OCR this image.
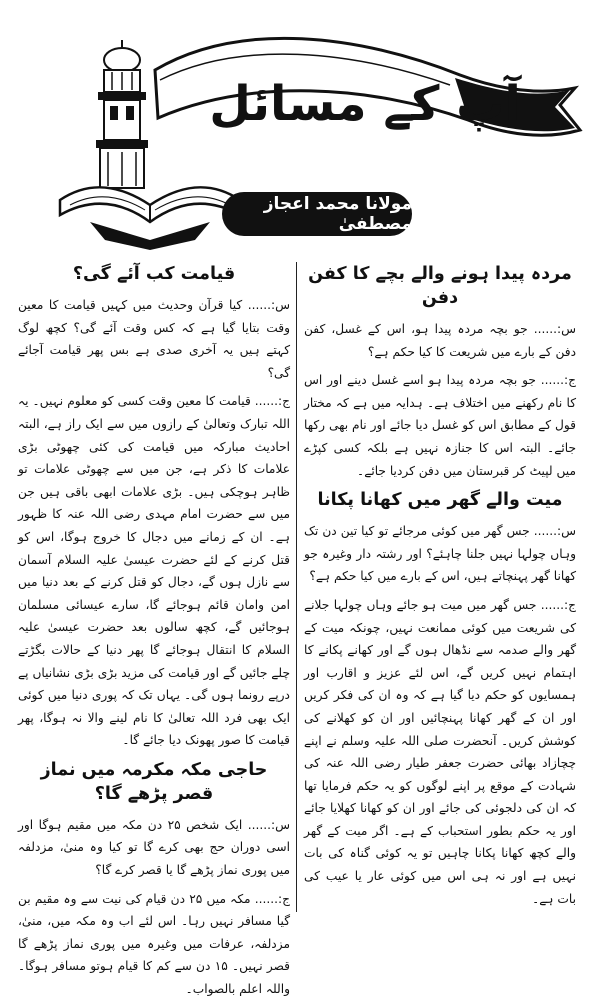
آپ کے مسائل
مولانا محمد اعجاز مصطفیٰ
مردہ پیدا ہونے والے بچے کا کفن دفن

س:...... جو بچہ مردہ پیدا ہو، اس کے غسل، کفن دفن کے بارے میں شریعت کا کیا حکم ہے؟

ج:...... جو بچہ مردہ پیدا ہو اسے غسل دینے اور اس کا نام رکھنے میں اختلاف ہے۔ ہدایہ میں ہے کہ مختار قول کے مطابق اس کو غسل دیا جائے اور نام بھی رکھا جائے۔ البتہ اس کا جنازہ نہیں ہے بلکہ کسی کپڑے میں لپیٹ کر قبرستان میں دفن کردیا جائے۔

میت والے گھر میں کھانا پکانا

س:...... جس گھر میں کوئی مرجائے تو کیا تین دن تک وہاں چولہا نہیں جلنا چاہئے؟ اور رشتہ دار وغیرہ جو کھانا گھر پہنچاتے ہیں، اس کے بارے میں کیا حکم ہے؟

ج:...... جس گھر میں میت ہو جائے وہاں چولہا جلانے کی شریعت میں کوئی ممانعت نہیں، چونکہ میت کے گھر والے صدمہ سے نڈھال ہوں گے اور کھانے پکانے کا اہتمام نہیں کریں گے، اس لئے عزیز و اقارب اور ہمسایوں کو حکم دیا گیا ہے کہ وہ ان کی فکر کریں اور ان کے گھر کھانا پہنچائیں اور ان کو کھلانے کی کوشش کریں۔ آنحضرت صلی اللہ علیہ وسلم نے اپنے چچازاد بھائی حضرت جعفر طیار رضی اللہ عنہ کی شہادت کے موقع پر اپنے لوگوں کو یہ حکم فرمایا تھا کہ ان کی دلجوئی کی جائے اور ان کو کھانا کھلایا جائے اور یہ حکم بطور استحباب کے ہے۔ اگر میت کے گھر والے کچھ کھانا پکانا چاہیں تو یہ کوئی گناہ کی بات نہیں ہے اور نہ ہی اس میں کوئی عار یا عیب کی بات ہے۔

قیامت کب آئے گی؟

س:...... کیا قرآن وحدیث میں کہیں قیامت کا معین وقت بتایا گیا ہے کہ کس وقت آئے گی؟ کچھ لوگ کہتے ہیں یہ آخری صدی ہے بس پھر قیامت آجائے گی؟

ج:...... قیامت کا معین وقت کسی کو معلوم نہیں۔ یہ اللہ تبارک وتعالیٰ کے رازوں میں سے ایک راز ہے، البتہ احادیث مبارکہ میں قیامت کی کئی چھوٹی بڑی علامات کا ذکر ہے، جن میں سے چھوٹی علامات تو ظاہر ہوچکی ہیں۔ بڑی علامات ابھی باقی ہیں جن میں سے حضرت امام مہدی رضی اللہ عنہ کا ظہور ہے۔ ان کے زمانے میں دجال کا خروج ہوگا، اس کو قتل کرنے کے لئے حضرت عیسیٰ علیہ السلام آسمان سے نازل ہوں گے، دجال کو قتل کرنے کے بعد دنیا میں امن وامان قائم ہوجائے گا، سارے عیسائی مسلمان ہوجائیں گے، کچھ سالوں بعد حضرت عیسیٰ علیہ السلام کا انتقال ہوجائے گا پھر دنیا کے حالات بگڑتے چلے جائیں گے اور قیامت کی مزید بڑی بڑی نشانیاں پے درپے رونما ہوں گی۔ یہاں تک کہ پوری دنیا میں کوئی ایک بھی فرد اللہ تعالیٰ کا نام لینے والا نہ ہوگا، پھر قیامت کا صور پھونک دیا جائے گا۔

حاجی مکہ مکرمہ میں نماز قصر پڑھے گا؟

س:...... ایک شخص ۲۵ دن مکہ میں مقیم ہوگا اور اسی دوران حج بھی کرے گا تو کیا وہ منیٰ، مزدلفہ میں پوری نماز پڑھے گا یا قصر کرے گا؟

ج:...... مکہ میں ۲۵ دن قیام کی نیت سے وہ مقیم بن گیا مسافر نہیں رہا۔ اس لئے اب وہ مکہ میں، منیٰ، مزدلفہ، عرفات میں وغیرہ میں پوری نماز پڑھے گا قصر نہیں۔ ۱۵ دن سے کم کا قیام ہوتو مسافر ہوگا۔ واللہ اعلم بالصواب۔
